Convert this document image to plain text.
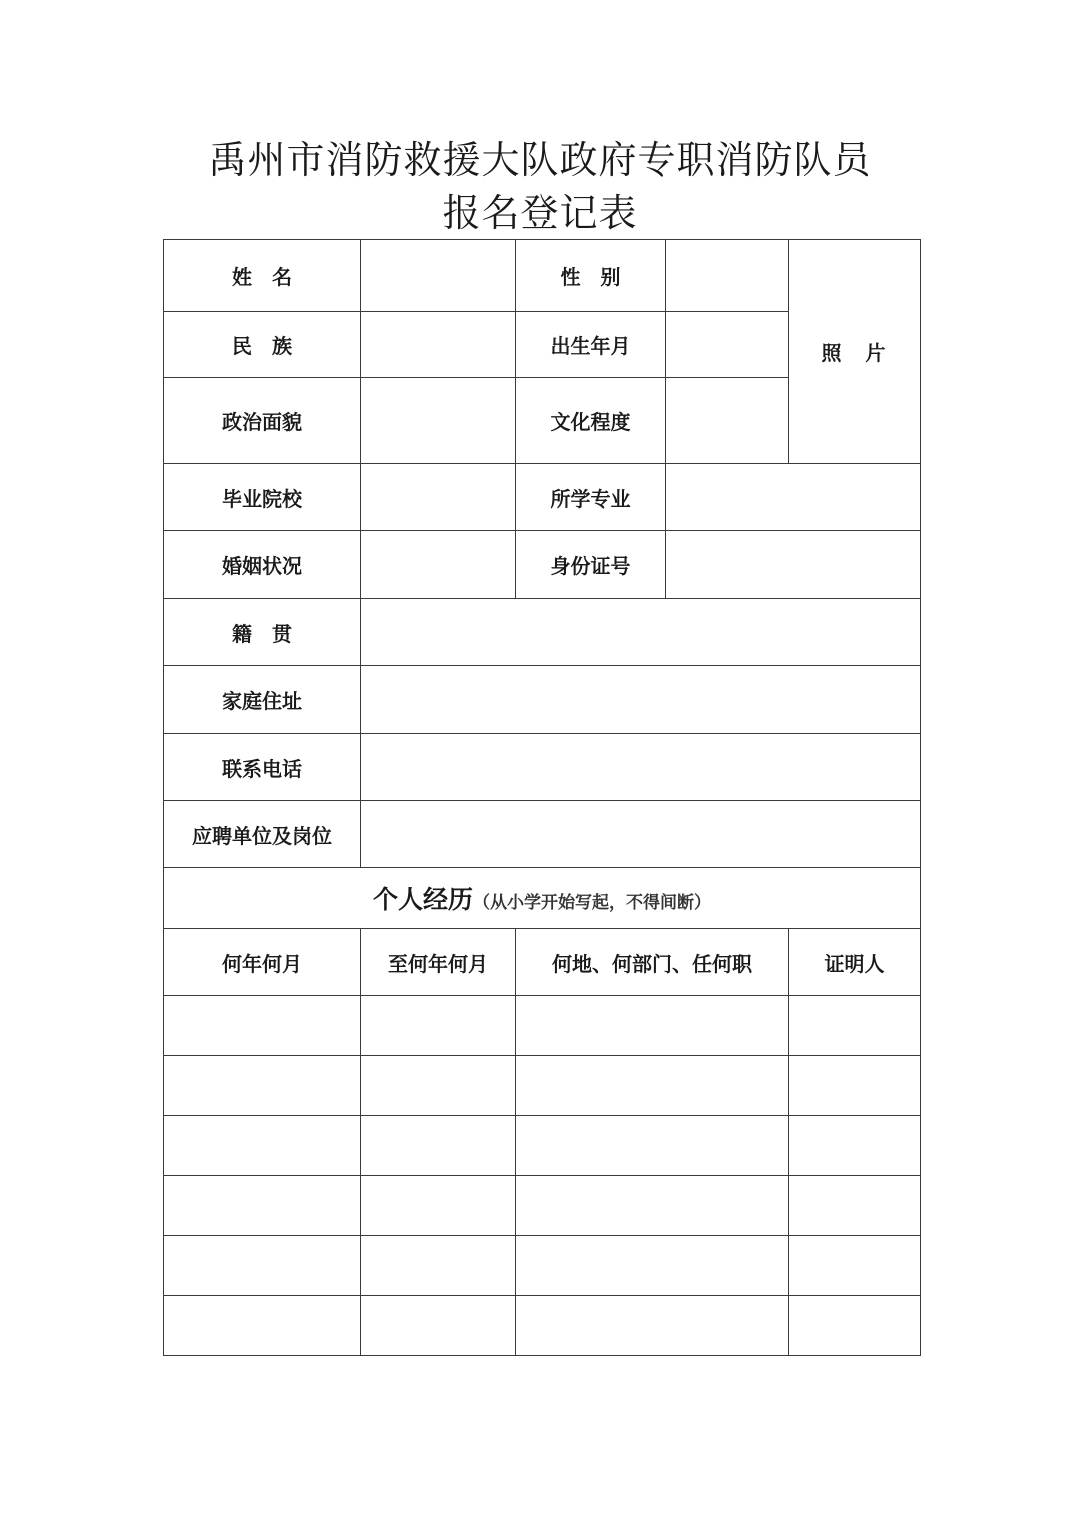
禹州市消防救援大队政府专职消防队员
报名登记表
姓　名		性　别		照　片
民　族		出生年月		
政治面貌		文化程度		
毕业院校		所学专业		
婚姻状况		身份证号		
籍　贯				
家庭住址				
联系电话				
应聘单位及岗位				
个人经历（从小学开始写起，不得间断）				
何年何月	至何年何月	何地、何部门、任何职		证明人
